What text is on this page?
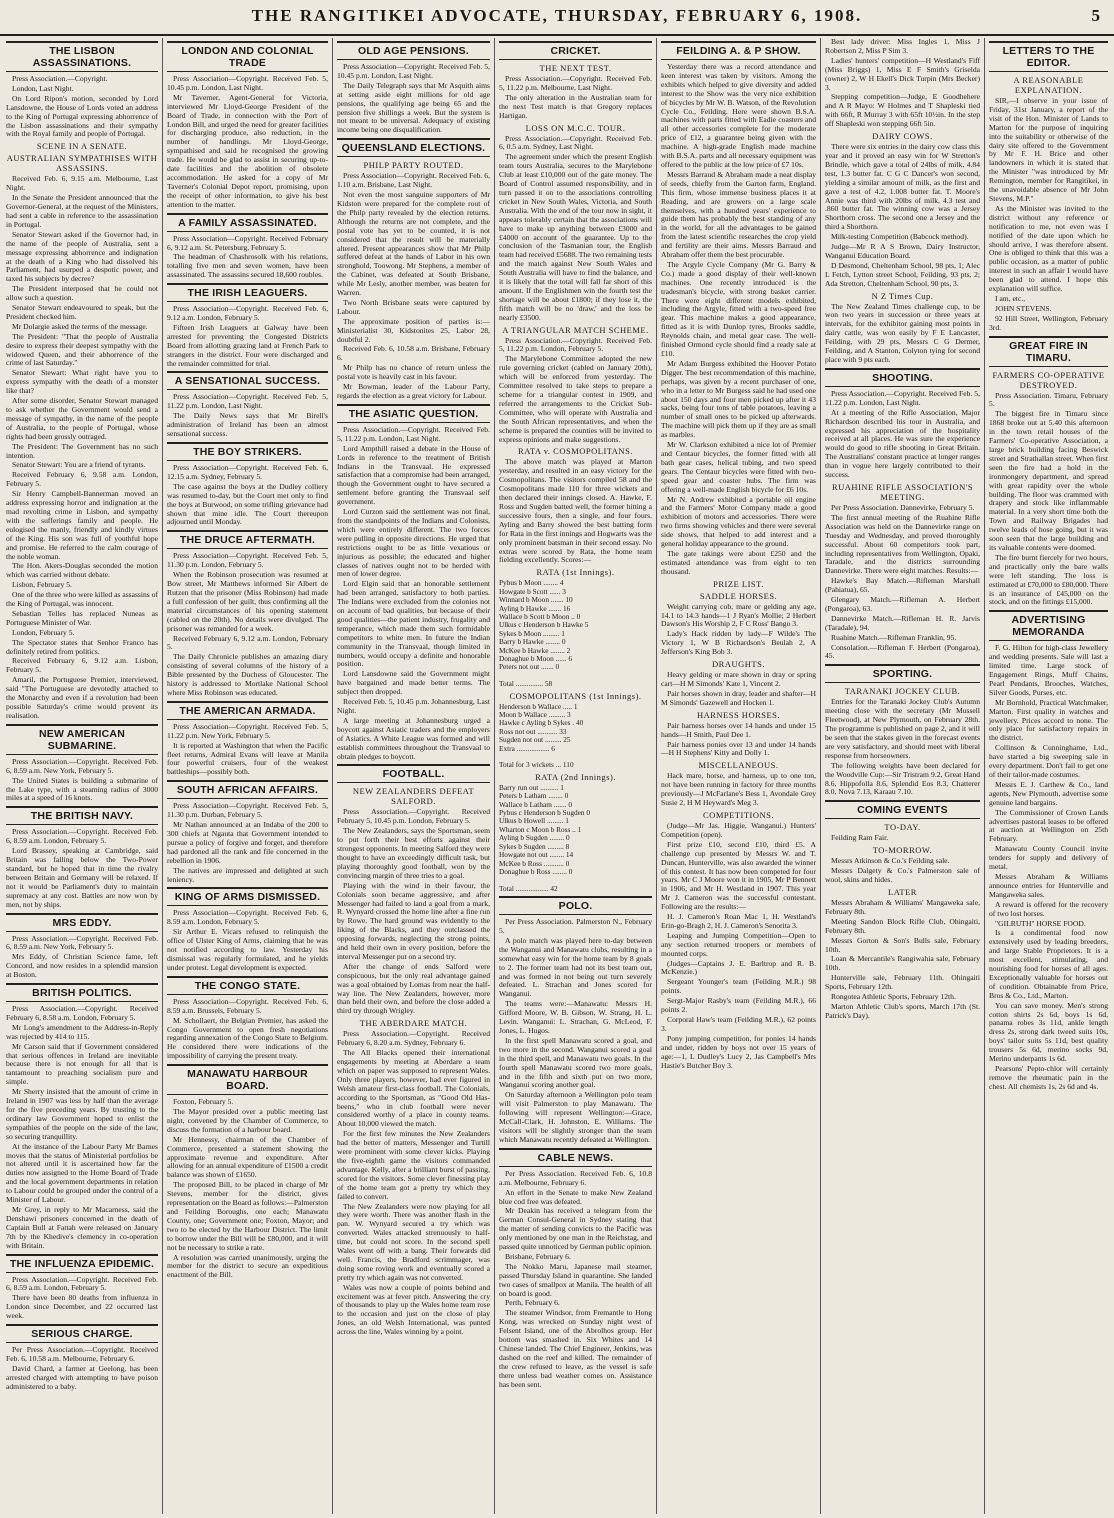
THE RANGITIKEI ADVOCATE, THURSDAY, FEBRUARY 6, 1908.	5
THE LISBON ASSASSINATIONS.

Press Association.—Copyright.

London, Last Night.

On Lord Ripon's motion, seconded by Lord Lansdowne, the House of Lords voted an address to the King of Portugal expressing abhorrence of the Lisbon assassinations and their sympathy with the Royal family and people of Portugal.

SCENE IN A SENATE.
AUSTRALIAN SYMPATHISES WITH ASSASSINS.

Received Feb. 6, 9.15 a.m. Melbourne, Last Night.

In the Senate the President announced that the Governor-General, at the request of the Ministers, had sent a cable in reference to the assassination in Portugal.

Senator Stewart asked if the Governor had, in the name of the people of Australia, sent a message expressing abhorrence and indignation at the death of a King who had dissolved his Parliament, had usurped a despotic power, and taxed his subjects by decree?

The President interposed that he could not allow such a question.

Senator Stewart endeavoured to speak, but the President checked him.

Mr Dolargie asked the terms of the message.

The President: "That the people of Australia desire to express their deepest sympathy with the widowed Queen, and their abhorrence of the crime of last Saturday."

Senator Stewart: What right have you to express sympathy with the death of a monster like that?

After some disorder, Senator Stewart managed to ask whether the Government would send a message of sympathy, in the name of the people of Australia, to the people of Portugal, whose rights had been grossly outraged.

The President: The Government has no such intention.

Senator Stewart: You are a friend of tyrants.

Received February 6, 9.58 a.m. London, February 5.

Sir Henry Campbell-Bannerman moved an address expressing horror and indignation at the mad revolting crime in Lisbon, and sympathy with the sufferings family and people. He eulogised the manly, friendly and kindly virtues of the King. His son was full of youthful hope and promise. He referred to the calm courage of the noble woman.

The Hon. Akers-Douglas seconded the motion which was carried without debate.

Lisbon, February 5.

One of the three who were killed as assassins of the King of Portugal, was innocent.

Sebastian Telles has replaced Nuneas as Portuguese Minister of War.

London, February 5.

The Spectator states that Senhor Franco has definitely retired from politics.

Received February 6, 9.12 a.m. Lisbon, February 5.

Amaril, the Portuguese Premier, interviewed, said "The Portuguese are devotedly attached to the Monarchy and even if a revolution had been possible Saturday's crime would prevent its realisation.

NEW AMERICAN SUBMARINE.

Press Association.—Copyright. Received Feb. 6, 8.59 a.m. New York, February 5.

The United States is building a submarine of the Lake type, with a steaming radius of 3000 miles at a speed of 16 knots.

THE BRITISH NAVY.

Press Association.—Copyright. Received Feb. 6, 8.59 a.m. London, February 5.

Lord Brassey, speaking at Cambridge, said Britain was falling below the Two-Power standard, but he hoped that in time the rivalry between Britain and Germany will be relaxed. If not it would be Parliament's duty to maintain supremacy at any cost. Battles are now won by men, not by ships.

MRS EDDY.

Press Association.—Copyright. Received Feb. 6, 8.59 a.m. New York, February 5.

Mrs Eddy, of Christian Science fame, left Concord, and now resides in a splendid mansion at Boston.

BRITISH POLITICS.

Press Association.—Copyright. Received February 6, 8.58 a.m. London, February 5.

Mr Long's amendment to the Address-in-Reply was rejected by 414 to 115.

Mr Carson said that if Government considered that serious offences in Ireland are inevitable because there is not enough for all that is tantamount to preaching socialism pure and simple.

Mr Sherry insisted that the amount of crime in Ireland in 1907 was less by half than the average for the five preceding years. By trusting to the ordinary law Government hoped to enlist the sympathies of the people on the side of the law, so securing tranquillity.

At the instance of the Labour Party Mr Barnes moves that the status of Ministerial portfolios be not altered until it is ascertained how far the duties now assigned to the Home Board of Trade and the local government departments in relation to Labour could be grouped under the control of a Minister of Labour.

Mr Grey, in reply to Mr Macarness, said the Denshawi prisoners concerned in the death of Captain Bull at Fattah were released on January 7th by the Khedive's clemency in co-operation with Britain.

THE INFLUENZA EPIDEMIC.

Press Association.—Copyright. Received Feb. 6, 8.59 a.m. London, February 5.

There have been 80 deaths from influenza in London since December, and 22 occurred last week.

SERIOUS CHARGE.

Per Press Association.—Copyright. Received Feb. 6, 10.58 a.m. Melbourne, February 6.

David Chard, a farmer at Geelong, has been arrested charged with attempting to have poison administered to a baby.

LONDON AND COLONIAL TRADE

Press Association—Copyright. Received Feb. 5, 10.45 p.m. London, Last Night.

Mr Taverner, Agent-General for Victoria, interviewed Mr Lloyd-George President of the Board of Trade, in connection with the Port of London Bill, and urged the need for greater facilities for discharging produce, also reduction, in the number of handlings. Mr Lloyd-George, sympathised and said he recognised the growing trade. He would be glad to assist in securing up-to-date facilities and the abolition of obsolete accommodation. He asked for a copy of Mr Taverner's Colonial Depot report, promising, upon the receipt of other information, to give his best attention to the matter.

A FAMILY ASSASSINATED.

Press Association—Copyright. Received February 6, 9.12 a.m. St. Petersburg, February 5.

The headman of Chashrosolk with his relations, totalling five men and seven women, have been assassinated. The assassins secured 18,600 roubles.

THE IRISH LEAGUERS.

Press Association—Copyright. Received Feb. 6, 9.12 a.m. London, February 5.

Fifteen Irish Leaguers at Galway have been arrested for preventing the Congested Districts Board from allotting grazing land at French Park to strangers in the district. Four were discharged and the remainder committed for trial.

A SENSATIONAL SUCCESS.

Press Association—Copyright. Received Feb. 5, 11.22 p.m. London, Last Night.

The Daily News says that Mr Birell's administration of Ireland has been an almost sensational success.

THE BOY STRIKERS.

Press Association—Copyright. Received Feb. 6, 12.15 a.m. Sydney, February 5.

The case against the boys at the Dudley colliery was resumed to-day, but the Court met only to find the boys at Burwood, on some trifling grievance had shown that mine idle. The Court thereupon adjourned until Monday.

THE DRUCE AFTERMATH.

Press Association—Copyright. Received Feb. 5, 11.30 p.m. London, February 5.

When the Robinson prosecution was resumed at Bow street, Mr Matthews informed Sir Albert de Rutzen that the prisoner (Miss Robinson) had made a full confession of her guilt, thus confirming all the material circumstances of his opening statement (cabled on the 20th). No details were divulged. The prisoner was remanded for a week.

Received February 6, 9.12 a.m. London, February 5.

The Daily Chronicle publishes an amazing diary consisting of several columns of the history of a Bible presented by the Duchess of Gloucester. The history is addressed to Mortlake National School where Miss Robinson was educated.

THE AMERICAN ARMADA.

Press Association—Copyright. Received Feb. 5, 11.22 p.m. New York, February 5.

It is reported at Washington that when the Pacific fleet returns, Admiral Evans will leave at Manila four powerful cruisers, four of the weakest battleships—possibly both.

SOUTH AFRICAN AFFAIRS.

Press Association—Copyright. Received Feb. 5, 11.30 p.m. Durban, February 5.

Mr Nathan announced at an Indaba of the 200 to 300 chiefs at Ngauta that Government intended to pursue a policy of forgive and forget, and therefore had pardoned all the rank and file concerned in the rebellion in 1906.

The natives are impressed and delighted at such leniency.

KING OF ARMS DISMISSED.

Press Association—Copyright. Received Feb. 6, 8.59 a.m. London, February 5.

Sir Arthur E. Vicars refused to relinquish the office of Ulster King of Arms, claiming that he was not notified according to law. Yesterday his dismissal was regularly formulated, and he yields under protest. Legal development is expected.

THE CONGO STATE.

Press Association—Copyright. Received Feb. 6, 8.59 a.m. Brussels, February 5.

M. Schollaert, the Belgian Premier, has asked the Congo Government to open fresh negotiations regarding annexation of the Congo State to Belgium. He considered there were indications of the impossibility of carrying the present treaty.

MANAWATU HARBOUR BOARD.

Foxton, February 5.

The Mayor presided over a public meeting last night, convened by the Chamber of Commerce, to discuss the formation of a harbour board.

Mr Hennessy, chairman of the Chamber of Commerce, presented a statement showing the approximate revenue and expenditure. After allowing for an annual expenditure of £1500 a credit balance was shown of £1650.

The proposed Bill, to be placed in charge of Mr Stevens, member for the district, gives representation on the Board as follows:—Palmerston and Feilding Boroughs, one each; Manawatu County, one; Government one; Foxton, Mayor; and two to be elected by the Harbour District. The limit to borrow under the Bill will be £80,000, and it will not be necessary to strike a rate.

A resolution was carried unanimously, urging the member for the district to secure an expeditious enactment of the Bill.

OLD AGE PENSIONS.

Press Association—Copyright. Received Feb. 5, 10.45 p.m. London, Last Night.

The Daily Telegraph says that Mr Asquith aims at setting aside eight millions for old age pensions, the qualifying age being 65 and the pension five shillings a week. But the system is not meant to be universal. Adequacy of existing income being one disqualification.

QUEENSLAND ELECTIONS.
PHILP PARTY ROUTED.

Press Association—Copyright. Received Feb. 6, 1.10 a.m. Brisbane, Last Night.

Not even the most sanguine supporters of Mr Kidston were prepared for the complete rout of the Philp party revealed by the election returns. Although the returns are not complete, and the postal vote has yet to be counted, it is not considered that the result will be materially altered. Present appearances show that Mr Philp suffered defeat at the hands of Labor in his own stronghold, Toowong. Mr Stephens, a member of the Cabinet, was defeated at South Brisbane, while Mr Lesly, another member, was beaten for Warren.

Two North Brisbane seats were captured by Labour.

The approximate position of parties is:—Ministerialist 30, Kidstonites 25, Labor 28, doubtful 2.

Received Feb. 6, 10.58 a.m. Brisbane, February 6.

Mr Philp has no chance of return unless the postal vote is heavily cast in his favour.

Mr Bowman, leader of the Labour Party, regards the election as a great victory for Labour.

THE ASIATIC QUESTION.

Press Association.—Copyright. Received Feb. 5, 11.22 p.m. London, Last Night.

Lord Ampthill raised a debate in the House of Lords in reference to the treatment of British Indians in the Transvaal. He expressed satisfaction that a compromise had been arranged, though the Government ought to have secured a settlement before granting the Transvaal self government.

Lord Curzon said the settlement was not final, from the standpoints of the Indians and Colonists, which were entirely different. The two forces were pulling in opposite directions. He urged that restrictions ought to be as little vexatious or injurious as possible; the educated and higher classes of natives ought not to be herded with men of lower degree.

Lord Elgin said that an honorable settlement had been arranged, satisfactory to both parties. The Indians were excluded from the colonies not on account of bad qualities, but because of their good qualities—the patient industry, frugality and temperance, which made them such formidable competitors to white men. In future the Indian community in the Transvaal, though limited in numbers, would occupy a definite and honorable position.

Lord Lansdowne said the Government might have bargained and made better terms. The subject then dropped.

Received Feb. 5, 10.45 p.m. Johannesburg, Last Night.

A large meeting at Johannesburg urged a boycott against Asiatic traders and the employers of Asiatics. A White League was formed and will establish committees throughout the Transvaal to obtain pledges to boycott.

FOOTBALL.
NEW ZEALANDERS DEFEAT SALFORD.

Press Association.—Copyright. Received February 5, 10.45 p.m. London, February 5.

The New Zealanders, says the Sportsman, seem to put forth their best efforts against their strongest opponents. In meeting Salford they were thought to have an exceedingly difficult task, but playing thoroughly good football, won by the convincing margin of three tries to a goal.

Playing with the wind in their favour, the Colonials soon became aggressive, and after Messenger had failed to land a goal from a mark, R. Wynyard crossed the home line after a fine run by Rowe. The hard ground was evidently to the liking of the Blacks, and they outclassed the opposing forwards, neglecting the strong points, and held their own in every position, before the interval Messenger put on a second try.

After the change of ends Salford were conspicuous, but the only real advantage gained was a goal obtained by Lomas from near the half-way line. The New Zealanders, however, more than held their own, and before the close added a third try through Wrigley.

THE ABERDARE MATCH.

Press Association.—Copyright. Received February 6, 8.20 a.m. Sydney, February 6.

The All Blacks opened their international engagements by meeting at Aberdare a team which on paper was supposed to represent Wales. Only three players, however, had ever figured in Welsh amateur first-class football. The Colonials, according to the Sportsman, as "Good Old Has-beens," who in club football were never considered worthy of a place in county teams. About 10,000 viewed the match.

For the first few minutes the New Zealanders had the better of matters, Messenger and Turtill were prominent with some clever kicks. Playing the five-eighth game the visitors commanded advantage. Kelly, after a brilliant burst of passing, scored for the visitors. Some clever finessing play of the home team got a pretty try which they failed to convert.

The New Zealanders were now playing for all they were worth. There was another flash in the pan. W. Wynyard secured a try which was converted. Wales attacked strenuously to half-time, but could not score. In the second spell Wales went off with a bang. Their forwards did well. Francis, the Bradford scrimmager, was doing some roving work and eventually scored a pretty try which again was not converted.

Wales was now a couple of points behind and excitement was at fever pitch. Answering the cry of thousands to play up the Wales home team rose to the occasion and just on the close of play Jones, an old Welsh International, was punted across the line, Wales winning by a point.

CRICKET.
THE NEXT TEST.

Press Association.—Copyright. Received Feb. 5, 11.22 p.m. Melbourne, Last Night.

The only alteration in the Australian team for the next Test match is that Gregory replaces Hartigan.

LOSS ON M.C.C. TOUR.

Press Association.—Copyright. Received Feb. 6, 0.5 a.m. Sydney, Last Night.

The agreement under which the present English team tours Australia, secures to the Marylebone Club at least £10,000 out of the gate money. The Board of Control assumed responsibility, and in turn passed it on to the associations controlling cricket in New South Wales, Victoria, and South Australia. With the end of the tour now in sight, it appears tolerably certain that the associations will have to make up anything between £3000 and £4000 on account of the guarantee. Up to the conclusion of the Tasmanian tour, the English team had received £5688. The two remaining tests and the match against New South Wales and South Australia will have to find the balance, and it is likely that the total will fall far short of this amount. If the Englishmen win the fourth test the shortage will be about £1800; if they lose it, the fifth match will be no 'draw,' and the loss be nearly £3500.

A TRIANGULAR MATCH SCHEME.

Press Association.—Copyright. Received Feb. 5, 11.22 p.m. London, February 5.

The Marylebone Committee adopted the new rule governing cricket (cabled on January 20th), which will be enforced from yesterday. The Committee resolved to take steps to prepare a scheme for a triangular contest in 1909, and referred the arrangements to the Cricket Sub-Committee, who will operate with Australia and the South African representatives, and when the scheme is prepared the counties will be invited to express opinions and make suggestions.

RATA v. COSMOPOLITANS.

The above match was played at Marton yesterday, and resulted in an easy victory for the Cosmopolitans. The visitors compiled 58 and the Cosmopolitans made 110 for three wickets and then declared their innings closed. A. Hawke, F. Ross and Sugden batted well, the former hitting a successive fours, then a single, and four fours. Ayling and Barry showed the best batting form for Rata in the first innings and Hogwarts was the only prominent batsman in their second essay. No extras were scored by Rata, the home team fielding excellently. Scores:—

RATA (1st Innings).
Pybus b Moon ........ 4
Howgate b Scott ...... 3
Winnard b Moon ....... 10
Ayling b Hawke ....... 16
Wallace b Scott b Moon .. 0
Ulkus c Henderson b Hawke 5
Sykes b Moon ......... 1
Barry b Hawke ........ 0
McKee b Hawke ........ 2
Donaghue b Moon ...... 6
Peters not out ....... 0

Total ............... 58
COSMOPOLITANS (1st Innings).
Henderson b Wallace ..... 1
Moon b Wallace ......... 3
Hawke c Ayling b Sykes . 40
Ross not out ........... 33
Sugden not out ......... 25
Extra .................. 6

Total for 3 wickets ... 110
RATA (2nd Innings).
Barry run out .......... 1
Peters b Latham ........ 0
Wallace b Latham ....... 0
Pybus c Henderson b Sugden 0
Ulkus b Howell ......... 1
Wharton c Moon b Ross .. 1
Ayling b Sugden ........ 0
Sykes b Sugden ......... 8
Howgate not out ........ 14
McKee b Ross ........... 0
Donaghue b Ross ........ 0

Total .................. 42
POLO.

Per Press Association. Palmerston N., February 5.

A polo match was played here to-day between the Wanganui and Manawatu clubs, resulting in a somewhat easy win for the home team by 8 goals to 2. The former team had not its best team out, and was formed in not being out turn severely defeated. L. Strachan and Jones scored for Wanganui.

The teams were:—Manawatu: Messrs H. Gifford Moore, W. B. Gibson, W. Strang, H. L. Levin. Wanganui: L. Strachan, G. McLeod, F. Jones, L. Hugos.

In the first spell Manawatu scored a goal, and two more in the second. Wanganui scored a goal in the third spell, and Manawatu two goals. In the fourth spell Manawatu scored two more goals, and in the fifth and sixth put on two more, Wanganui scoring another goal.

On Saturday afternoon a Wellington polo team will visit Palmerston to play Manawatu. The following will represent Wellington:—Grace, McCall-Clark, H. Johnston, E. Williams. The visitors will be slightly stronger than the team which Manawatu recently defeated at Wellington.

CABLE NEWS.

Per Press Association. Received Feb. 6, 10.8 a.m. Melbourne, February 6.

An effort in the Senate to make New Zealand blue cod free was defeated.

Mr Deakin has received a telegram from the German Consul-General in Sydney stating that the matter of sending convicts to the Pacific was only mentioned by one man in the Reichstag, and passed quite unnoticed by German public opinion.

Brisbane, February 6.

The Nokko Maru, Japanese mail steamer, passed Thursday Island in quarantine. She landed two cases of smallpox at Manila. The health of all on board is good.

Perth, February 6.

The steamer Windsor, from Fremantle to Hong Kong, was wrecked on Sunday night west of Felsent Island, one of the Abrolhos group. Her bottom was smashed in. Six Whites and 14 Chinese landed. The Chief Engineer, Jenkins, was dashed on the reef and killed. The remainder of the crew refused to leave, as the vessel is safe there unless bad weather comes on. Assistance has been sent.

FEILDING A. & P SHOW.

Yesterday there was a record attendance and keen interest was taken by visitors. Among the exhibits which helped to give diversity and added interest to the Show was the very nice exhibition of bicycles by Mr W. B. Watson, of the Revolution Cycle Co., Feilding. Here were shown B.S.A. machines with parts fitted with Eadie coasters and all other accessories complete for the moderate price of £12, a guarantee being given with the machine. A high-grade English made machine with B.S.A. parts and all necessary equipment was offered to the public at the low price of £7 10s.

Messrs Barraud & Abraham made a neat display of seeds, chiefly from the Garton farm, England. This firm, whose immense business places it at Reading, and are growers on a large scale themselves, with a hundred years' experience to guide them has probably the best standing of any in the world, for all the advantages to be gained from the latest scientific researches the crop yield and fertility are their aims. Messrs Barraud and Abraham offer them the best procurable.

The Argyle Cycle Company (Mr G. Barry & Co.) made a good display of their well-known machines. One recently introduced is the tradesman's bicycle, with strong basket carrier. There were eight different models exhibited, including the Argyle, fitted with a two-speed free gear. This machine makes a good appearance, fitted as it is with Dunlop tyres, Brooks saddle, Reynolds chain, and metal gear case. The well-finished Ormond cycle should find a ready sale at £10.

Mr Adam Burgess exhibited the Hoover Potato Digger. The best recommendation of this machine, perhaps, was given by a recent purchaser of one, who in a letter to Mr Burgess said he had used one about 150 days and four men picked up after it 43 sacks, being four tons of table potatoes, leaving a number of small ones to be picked up afterwards. The machine will pick them up if they are as small as marbles.

Mr W. Clarkson exhibited a nice lot of Premier and Centaur bicycles, the former fitted with all bath gear cases, helical tubing, and two speed gears. The Centaur bicycles were fitted with two-speed gear and coaster hubs. The firm was offering a well-made English bicycle for £6 10s.

Mr N. Andrew exhibited a portable oil engine and the Farmers' Motor Company made a good exhibition of motors and accessories. There were two firms showing vehicles and there were several side shows, that helped to add interest and a general holiday appearance to the ground.

The gate takings were about £250 and the estimated attendance was from eight to ten thousand.

PRIZE LIST.
SADDLE HORSES.

Weight carrying cob, mare or gelding any age, 14.1 to 14.3 hands—1 J Ryan's Mollie; 2 Herbert Dawson's His Worship 2, F C Ross' Bango 3.

Lady's Hack ridden by lady—F Wilde's The Victory 1, W B Richardson's Beulah 2, A Jefferson's King Bob 3.

DRAUGHTS.

Heavy gelding or mare shown in dray or spring cart—H M Simonds' Kate 1, Vincent 2.

Pair horses shown in dray, leader and shafter—H M Simonds' Gazewell and Hocken 1.

HARNESS HORSES.

Pair harness horses over 14 hands and under 15 hands—H Smith, Paul Dee 1.

Pair harness ponies over 13 and under 14 hands—H H Stephens' Kitty and Dolly 1.

MISCELLANEOUS.

Hack mare, horse, and harness, up to one ton, not have been running in factory for three months previously—J McFarlane's Bess 1, Avondale Grey Susie 2, H M Heyward's Meg 3.

COMPETITIONS.

(Judge—Mr Jas. Higgie, Wanganui.) Hunters' Competition (open).

First prize £10, second £10, third £5. A challenge cup presented by Messrs W. and T. Duncan, Hunterville, was also awarded the winner of this contest. It has now been competed for four years. Mr C J Moore won it in 1905, Mr P Bennett in 1906, and Mr H. Westland in 1907. This year Mr J. Cameron was the successful contestant. Following are the results:—

H. J. Cameron's Roan Mac 1, H. Westland's Erin-go-Bragh 2, H. J. Cameron's Senorita 3.

Leaping and Jumping Competition—Open to any section returned troopers or members of mounted corps.

(Judges—Captains J. E. Barltrop and R. B. McKenzie.)

Sergeant Younger's team (Feilding M.R.) 98 points.

Sergt-Major Rasby's team (Feilding M.R.), 66 points 2.

Corporal Haw's team (Feilding M.R.), 62 points 3.

Pony jumping competition, for ponies 14 hands and under, ridden by boys not over 15 years of age:—1, L Dudley's Lucy 2, Jas Campbell's Mrs Hastie's Butcher Boy 3.

Best lady driver: Miss Ingles 1, Miss J Robertson 2, Miss P Sim 3.

Ladies' hunters' competition—H Westland's Fiff (Miss Briggs) 1, Miss E F Smith's Griselda (owner) 2, W H Ekell's Dick Turpin (Mrs Becker) 3.

Stepping competition—Judge, E Goodhehere and A R Mayo: W Holmes and T Shapleski tied with 66ft, R Murray 3 with 65ft 10½in. In the step off Shapleski won stepping 66ft 5in.

DAIRY COWS.

There were six entries in the dairy cow class this year and it proved an easy win for W Stretton's Brindle, which gave a total of 24lbs of milk, 4.84 test, 1.3 butter fat. C G C Dancer's won second, yielding a similar amount of milk, as the first and gave a test of 4.2, 1.008 butter fat. T. Moore's Annie was third with 20lbs of milk, 4.3 test and .860 butter fat. The winning cow was a Jersey Shorthorn cross. The second one a Jersey and the third a Shorthorn.

Milk-testing Competition (Babcock method).

Judge—Mr R A S Brown, Dairy Instructor, Wanganui Education Board.

D Desmond, Cheltenham School, 98 pts, 1; Alec L Fetch, Lytton street School, Feilding, 93 pts, 2; Ada Stretton, Cheltenham School, 90 pts, 3.

N Z Times Cup.

The New Zealand Times challenge cup, to be won two years in succession or three years at intervals, for the exhibitor gaining most points in dairy cattle, was won easily by F E Lancaster, Feilding, with 29 pts, Messrs C G Dermer, Feilding, and A Stanton, Colyton tying for second place with 9 pts each.

SHOOTING.

Press Association.—Copyright. Received Feb. 5, 11.22 p.m. London, Last Night.

At a meeting of the Rifle Association, Major Richardson described his tour in Australia, and expressed his appreciation of the hospitality received at all places. He was sure the experience would do good to rifle shooting in Great Britain. The Australians' constant practice at longer ranges than in vogue here largely contributed to their success.

RUAHINE RIFLE ASSOCIATION'S MEETING.

Per Press Association. Dannevirke, February 5.

The first annual meeting of the Ruahine Rifle Association was held on the Dannevirke range on Tuesday and Wednesday, and proved thoroughly successful. About 60 competitors took part, including representatives from Wellington, Opaki, Taradale, and the districts surrounding Dannevirke. There were eight matches. Results:—

Hawke's Bay Match.—Rifleman Marshall (Pahiatua), 65.

Glengary Match.—Rifleman A. Herbert (Pongaroa), 63.

Dannevirke Match.—Rifleman H. R. Jarvis (Taradale), 94.

Ruahine Match.—Rifleman Franklin, 95.

Consolation.—Rifleman F. Herbert (Pongaroa), 45.

SPORTING.
TARANAKI JOCKEY CLUB.

Entries for the Taranaki Jockey Club's Autumn meeting close with the secretary (Mr Mussell Fleetwood), at New Plymouth, on February 28th. The programme is published on page 2, and it will be seen that the stakes given in the forecast events are very satisfactory, and should meet with liberal response from horseowners.

The following weights have been declared for the Woodville Cup:—Sir Tristram 9.2, Great Hand 8.6, Hippofolla 8.6, Splendid Eos 8.3, Chatterer 8.0, Nova 7.13, Karaau 7.10.

COMING EVENTS
TO-DAY.

Feilding Ram Fair.

TO-MORROW.

Messrs Atkinson & Co.'s Feilding sale.

Messrs Dalgety & Co.'s Palmerston sale of wool, skins and hides.

LATER

Messrs Abraham & Williams' Mangaweka sale, February 8th.

Meeting Sandon Block Rifle Club, Ohingaiti, February 8th.

Messrs Gorton & Son's Bulls sale, February 10th.

Loan & Mercantile's Rangiwahia sale, February 10th.

Hunterville sale, February 11th. Ohingaiti Sports, February 12th.

Rongotea Athletic Sports, February 12th.

Marton Athletic Club's sports, March 17th (St. Patrick's Day).

LETTERS TO THE EDITOR.
A REASONABLE EXPLANATION.

SIR,—I observe in your issue of Friday, 31st January, a report of the visit of the Hon. Minister of Lands to Marton for the purpose of inquiring into the suitability or otherwise of the dairy site offered to the Government by Mr F. H. Brice and other landowners in which it is stated that the Minister "was introduced by Mr Remington, member for Rangitikei, in the unavoidable absence of Mr John Stevens, M.P."

As the Minister was invited to the district without any reference or notification to me, not even was I notified of the date upon which he should arrive, I was therefore absent. One is obliged to think that this was a public occasion, as a matter of public interest in such an affair I would have been glad to attend. I hope this explanation will suffice.

I am, etc.,

JOHN STEVENS.

92 Hill Street, Wellington, February 3rd.

GREAT FIRE IN TIMARU.
FARMERS CO-OPERATIVE DESTROYED.

Press Association. Timaru, February 5.

The biggest fire in Timaru since 1868 broke out at 5.40 this afternoon in the town retail houses of the Farmers' Co-operative Association, a large brick building facing Beswick street and Strathallan street. When first seen the fire had a hold in the ironmongery department, and spread with great rapidity over the whole building. The floor was crammed with drapery and stock like inflammable material. In a very short time both the Town and Railway Brigades had twelve leads of hose going, but it was soon seen that the large building and its valuable contents were doomed.

The fire burnt fiercely for two hours, and practically only the bare walls were left standing. The loss is estimated at £70,000 to £80,000. There is an insurance of £45,000 on the stock, and on the fittings £15,000.

ADVERTISING MEMORANDA

F. G. Hilton for high-class Jewellery and wedding presents. Sale will last a limited time. Large stock of Engagement Rings, Muff Chains, Pearl Pendants, Brooches, Watches, Silver Goods, Purses, etc.

Mr Bornhold, Practical Watchmaker, Marton. First quality in watches and jewellery. Prices accord to none. The only place for satisfactory repairs in the district.

Collinson & Cunninghame, Ltd., have started a big sweeping sale in every department. Don't fail to get one of their tailor-made costumes.

Messrs E. J. Carthew & Co., land agents, New Plymouth, advertise some genuine land bargains.

The Commissioner of Crown Lands advertises pastoral leases to be offered at auction at Wellington on 25th February.

Manawatu County Council invite tenders for supply and delivery of metal.

Messrs Abraham & Williams announce entries for Hunterville and Mangaweka sales.

A reward is offered for the recovery of two lost horses.

"GILRUTH" HORSE FOOD.

Is a condimental food now extensively used by leading breeders, and large Stable Proprietors. It is a most excellent, stimulating, and nourishing food for horses of all ages. Exceptionally valuable for horses out of condition. Obtainable from Price, Bros & Co., Ltd., Marton.

You can save money. Men's strong cotton shirts 2s 6d, boys 1s 6d, panama robes 3s 11d, ankle length dress 2s, strong dark tweed suits 10s, boys' tailor suits 5s 11d, best quality trousers 5s 6d, merino socks 9d, Merino underpants 1s 6d.

Pearsons' Pepto-chlor will certainly remove the rheumatic pain in the chest. All chemists 1s, 2s 6d and 4s.
